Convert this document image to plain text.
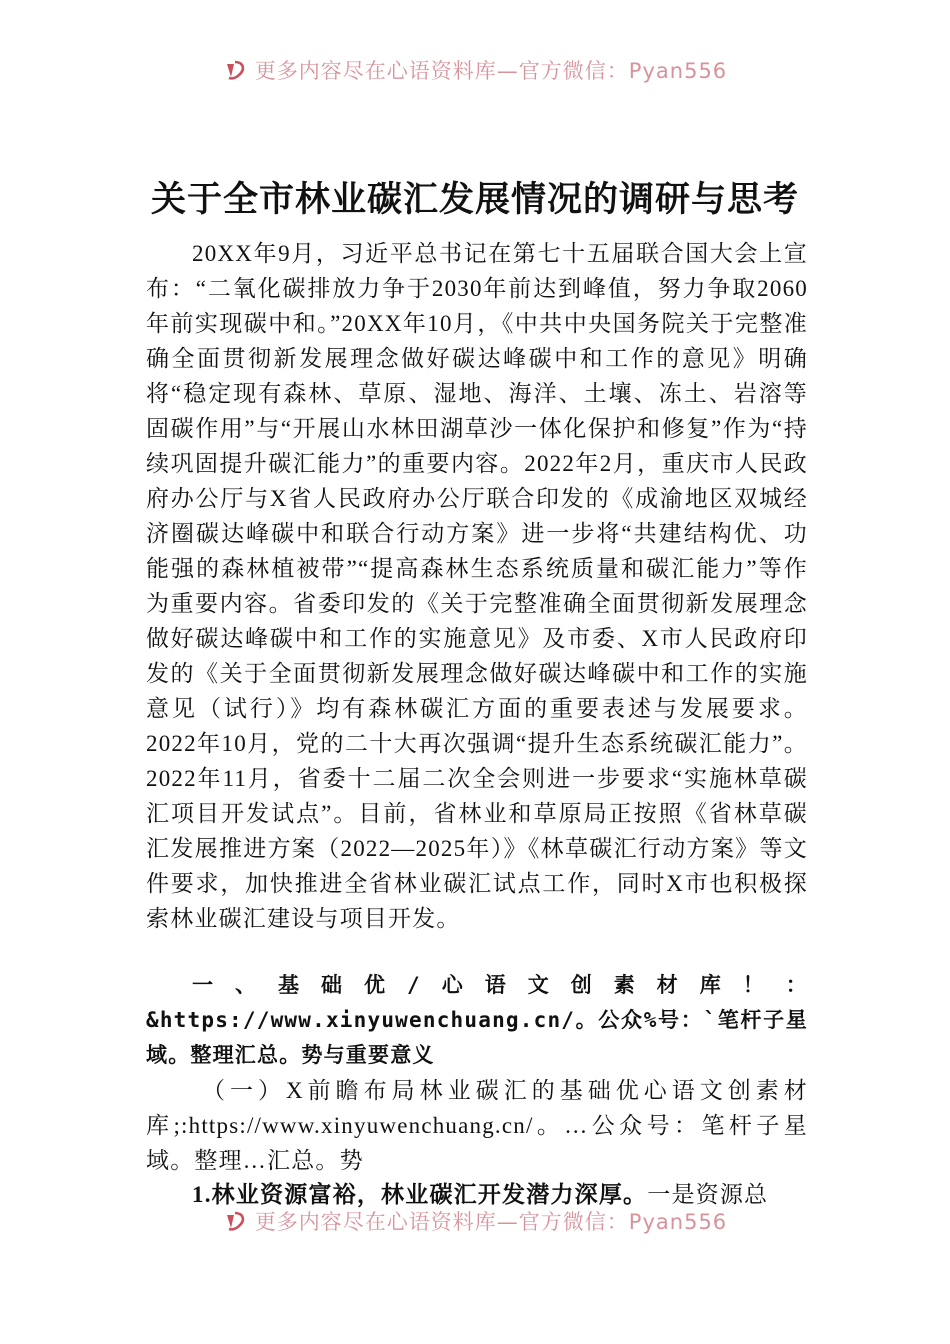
更多内容尽在心语资料库—官方微信：Pyan556
关于全市林业碳汇发展情况的调研与思考

20XX年9月，习近平总书记在第七十五届联合国大会上宣布：“二氧化碳排放力争于2030年前达到峰值，努力争取2060年前实现碳中和。”20XX年10月，《中共中央国务院关于完整准确全面贯彻新发展理念做好碳达峰碳中和工作的意见》明确将“稳定现有森林、草原、湿地、海洋、土壤、冻土、岩溶等固碳作用”与“开展山水林田湖草沙一体化保护和修复”作为“持续巩固提升碳汇能力”的重要内容。2022年2月，重庆市人民政府办公厅与X省人民政府办公厅联合印发的《成渝地区双城经济圈碳达峰碳中和联合行动方案》进一步将“共建结构优、功能强的森林植被带”“提高森林生态系统质量和碳汇能力”等作为重要内容。省委印发的《关于完整准确全面贯彻新发展理念做好碳达峰碳中和工作的实施意见》及市委、X市人民政府印发的《关于全面贯彻新发展理念做好碳达峰碳中和工作的实施意见（试行）》均有森林碳汇方面的重要表述与发展要求。2022年10月，党的二十大再次强调“提升生态系统碳汇能力”。2022年11月，省委十二届二次全会则进一步要求“实施林草碳汇项目开发试点”。目前，省林业和草原局正按照《省林草碳汇发展推进方案（2022—2025年）》《林草碳汇行动方案》等文件要求，加快推进全省林业碳汇试点工作，同时X市也积极探索林业碳汇建设与项目开发。

一、基础优/心语文创素材库！：&https://www.xinyuwenchuang.cn/。公众%号：`笔杆子星域。整理汇总。势与重要意义

（一）X前瞻布局林业碳汇的基础优心语文创素材库;:https://www.xinyuwenchuang.cn/。…公众号：笔杆子星域。整理…汇总。势

1.林业资源富裕，林业碳汇开发潜力深厚。一是资源总

更多内容尽在心语资料库—官方微信：Pyan556
